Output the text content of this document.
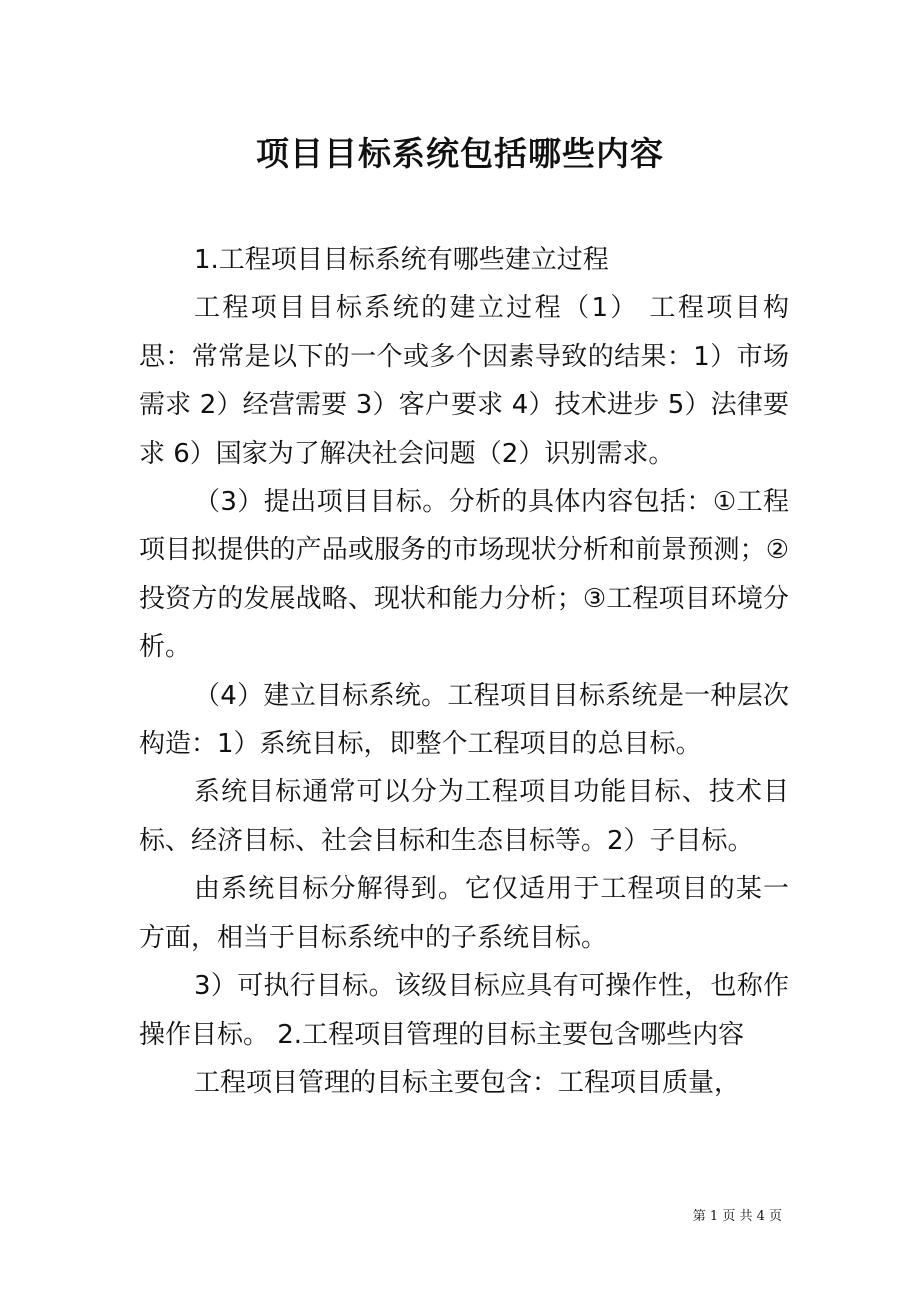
项目目标系统包括哪些内容

1.工程项目目标系统有哪些建立过程

工程项目目标系统的建立过程（1） 工程项目构思：常常是以下的一个或多个因素导致的结果：1）市场需求 2）经营需要 3）客户要求 4）技术进步 5）法律要求 6）国家为了解决社会问题（2）识别需求。

（3）提出项目目标。分析的具体内容包括：①工程项目拟提供的产品或服务的市场现状分析和前景预测；②投资方的发展战略、现状和能力分析；③工程项目环境分析。

（4）建立目标系统。工程项目目标系统是一种层次构造：1）系统目标，即整个工程项目的总目标。

系统目标通常可以分为工程项目功能目标、技术目标、经济目标、社会目标和生态目标等。2）子目标。

由系统目标分解得到。它仅适用于工程项目的某一方面，相当于目标系统中的子系统目标。

3）可执行目标。该级目标应具有可操作性，也称作操作目标。 2.工程项目管理的目标主要包含哪些内容

工程项目管理的目标主要包含：工程项目质量，

第 1 页 共 4 页
